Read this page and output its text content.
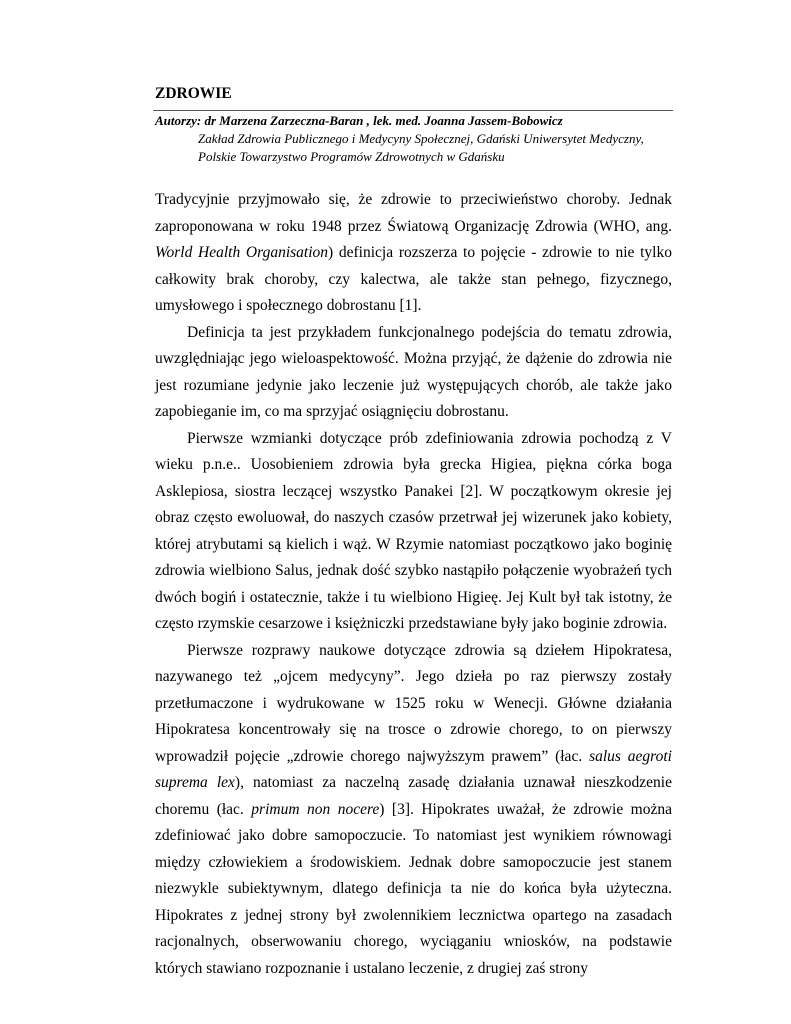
ZDROWIE
Autorzy: dr Marzena Zarzeczna-Baran , lek. med. Joanna Jassem-Bobowicz
Zakład Zdrowia Publicznego i Medycyny Społecznej, Gdański Uniwersytet Medyczny,
Polskie Towarzystwo Programów Zdrowotnych w Gdańsku

Tradycyjnie przyjmowało się, że zdrowie to przeciwieństwo choroby. Jednak zaproponowana w roku 1948 przez Światową Organizację Zdrowia (WHO, ang. World Health Organisation) definicja rozszerza to pojęcie - zdrowie to nie tylko całkowity brak choroby, czy kalectwa, ale także stan pełnego, fizycznego, umysłowego i społecznego dobrostanu [1].

Definicja ta jest przykładem funkcjonalnego podejścia do tematu zdrowia, uwzględniając jego wieloaspektowość. Można przyjąć, że dążenie do zdrowia nie jest rozumiane jedynie jako leczenie już występujących chorób, ale także jako zapobieganie im, co ma sprzyjać osiągnięciu dobrostanu.

Pierwsze wzmianki dotyczące prób zdefiniowania zdrowia pochodzą z V wieku p.n.e.. Uosobieniem zdrowia była grecka Higiea, piękna córka boga Asklepiosa, siostra leczącej wszystko Panakei [2]. W początkowym okresie jej obraz często ewoluował, do naszych czasów przetrwał jej wizerunek jako kobiety, której atrybutami są kielich i wąż. W Rzymie natomiast początkowo jako boginię zdrowia wielbiono Salus, jednak dość szybko nastąpiło połączenie wyobrażeń tych dwóch bogiń i ostatecznie, także i tu wielbiono Higieę. Jej Kult był tak istotny, że często rzymskie cesarzowe i księżniczki przedstawiane były jako boginie zdrowia.

Pierwsze rozprawy naukowe dotyczące zdrowia są dziełem Hipokratesa, nazywanego też „ojcem medycyny”. Jego dzieła po raz pierwszy zostały przetłumaczone i wydrukowane w 1525 roku w Wenecji. Główne działania Hipokratesa koncentrowały się na trosce o zdrowie chorego, to on pierwszy wprowadził pojęcie „zdrowie chorego najwyższym prawem” (łac. salus aegroti suprema lex), natomiast za naczelną zasadę działania uznawał nieszkodzenie choremu (łac. primum non nocere) [3]. Hipokrates uważał, że zdrowie można zdefiniować jako dobre samopoczucie. To natomiast jest wynikiem równowagi między człowiekiem a środowiskiem. Jednak dobre samopoczucie jest stanem niezwykle subiektywnym, dlatego definicja ta nie do końca była użyteczna. Hipokrates z jednej strony był zwolennikiem lecznictwa opartego na zasadach racjonalnych, obserwowaniu chorego, wyciąganiu wniosków, na podstawie których stawiano rozpoznanie i ustalano leczenie, z drugiej zaś strony
